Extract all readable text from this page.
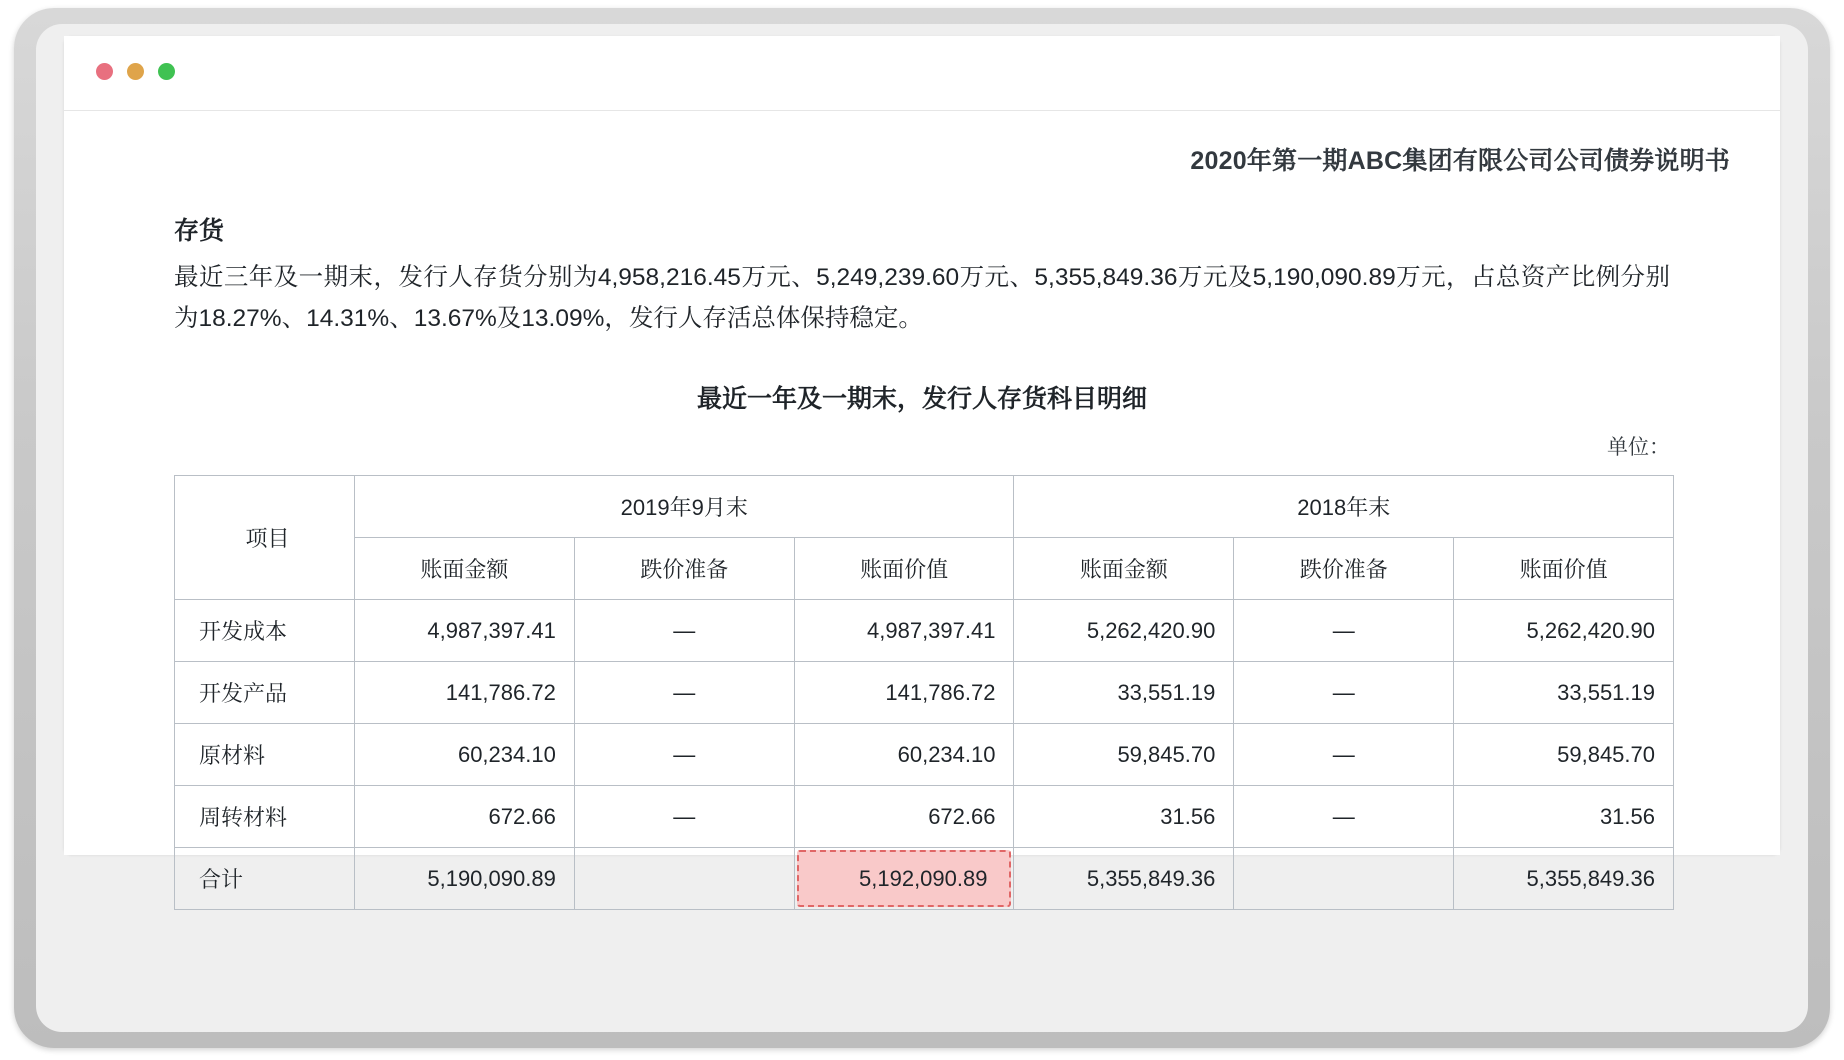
2020年第一期ABC集团有限公司公司债券说明书
存货
最近三年及一期末，发行人存货分别为4,958,216.45万元、5,249,239.60万元、5,355,849.36万元及5,190,090.89万元，占总资产比例分别为18.27%、14.31%、13.67%及13.09%，发行人存活总体保持稳定。
最近一年及一期末，发行人存货科目明细
单位：
项目	2019年9月末			2018年末		
	账面金额	跌价准备	账面价值	账面金额	跌价准备	账面价值
开发成本	4,987,397.41	—	4,987,397.41	5,262,420.90	—	5,262,420.90
开发产品	141,786.72	—	141,786.72	33,551.19	—	33,551.19
原材料	60,234.10	—	60,234.10	59,845.70	—	59,845.70
周转材料	672.66	—	672.66	31.56	—	31.56
合计	5,190,090.89		5,192,090.89	5,355,849.36		5,355,849.36
